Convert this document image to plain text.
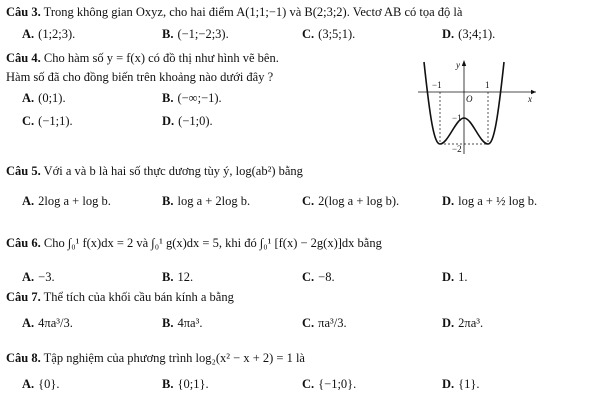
Câu 3. Trong không gian Oxyz, cho hai điểm A(1;1;−1) và B(2;3;2). Vectơ AB có tọa độ là
A. (1;2;3).	B. (−1;−2;3).	C. (3;5;1).	D. (3;4;1).
Câu 4. Cho hàm số y = f(x) có đồ thị như hình vẽ bên.
Hàm số đã cho đồng biến trên khoảng nào dưới đây ?
A. (0;1).	B. (−∞;−1).
C. (−1;1).	D. (−1;0).
y
x
O
−1	1
−1
−2
Câu 5. Với a và b là hai số thực dương tùy ý, log(ab²) bằng
A. 2log a + log b.	B. log a + 2log b.	C. 2(log a + log b).	D. log a + ½ log b.
Câu 6. Cho ∫₀¹ f(x)dx = 2 và ∫₀¹ g(x)dx = 5, khi đó ∫₀¹ [f(x) − 2g(x)]dx bằng
A. −3.	B. 12.	C. −8.	D. 1.
Câu 7. Thể tích của khối cầu bán kính a bằng
A. 4πa³/3.	B. 4πa³.	C. πa³/3.	D. 2πa³.
Câu 8. Tập nghiệm của phương trình log₂(x² − x + 2) = 1 là
A. {0}.	B. {0;1}.	C. {−1;0}.	D. {1}.
